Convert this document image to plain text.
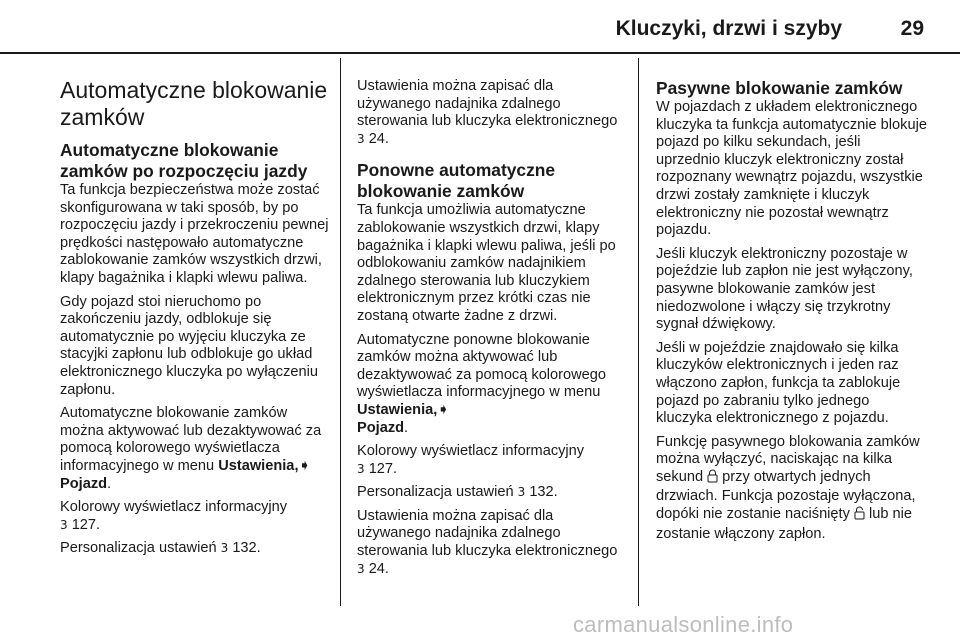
Kluczyki, drzwi i szyby	29
Automatyczne blokowanie zamków
Automatyczne blokowanie zamków po rozpoczęciu jazdy

Ta funkcja bezpieczeństwa może zostać skonfigurowana w taki sposób, by po rozpoczęciu jazdy i przekroczeniu pewnej prędkości następowało automatyczne zablokowanie zamków wszystkich drzwi, klapy bagażnika i klapki wlewu paliwa.

Gdy pojazd stoi nieruchomo po zakończeniu jazdy, odblokuje się automatycznie po wyjęciu kluczyka ze stacyjki zapłonu lub odblokuje go układ elektronicznego kluczyka po wyłączeniu zapłonu.

Automatyczne blokowanie zamków można aktywować lub dezaktywować za pomocą kolorowego wyświetlacza informacyjnego w menu Ustawienia,➧
Pojazd.

Kolorowy wyświetlacz informacyjny
3 127.

Personalizacja ustawień 3 132.

Ustawienia można zapisać dla używanego nadajnika zdalnego sterowania lub kluczyka elektronicznego 3 24.

Ponowne automatyczne blokowanie zamków

Ta funkcja umożliwia automatyczne zablokowanie wszystkich drzwi, klapy bagażnika i klapki wlewu paliwa, jeśli po odblokowaniu zamków nadajnikiem zdalnego sterowania lub kluczykiem elektronicznym przez krótki czas nie zostaną otwarte żadne z drzwi.

Automatyczne ponowne blokowanie zamków można aktywować lub dezaktywować za pomocą kolorowego wyświetlacza informacyjnego w menu Ustawienia,➧
Pojazd.

Kolorowy wyświetlacz informacyjny
3 127.

Personalizacja ustawień 3 132.

Ustawienia można zapisać dla używanego nadajnika zdalnego sterowania lub kluczyka elektronicznego 3 24.

Pasywne blokowanie zamków

W pojazdach z układem elektronicznego kluczyka ta funkcja automatycznie blokuje pojazd po kilku sekundach, jeśli uprzednio kluczyk elektroniczny został rozpoznany wewnątrz pojazdu, wszystkie drzwi zostały zamknięte i kluczyk elektroniczny nie pozostał wewnątrz pojazdu.

Jeśli kluczyk elektroniczny pozostaje w pojeździe lub zapłon nie jest wyłączony, pasywne blokowanie zamków jest niedozwolone i włączy się trzykrotny sygnał dźwiękowy.

Jeśli w pojeździe znajdowało się kilka kluczyków elektronicznych i jeden raz włączono zapłon, funkcja ta zablokuje pojazd po zabraniu tylko jednego kluczyka elektronicznego z pojazdu.

Funkcję pasywnego blokowania zamków można wyłączyć, naciskając na kilka sekund  przy otwartych jednych drzwiach. Funkcja pozostaje wyłączona, dopóki nie zostanie naciśnięty  lub nie zostanie włączony zapłon.

carmanualsonline.info
